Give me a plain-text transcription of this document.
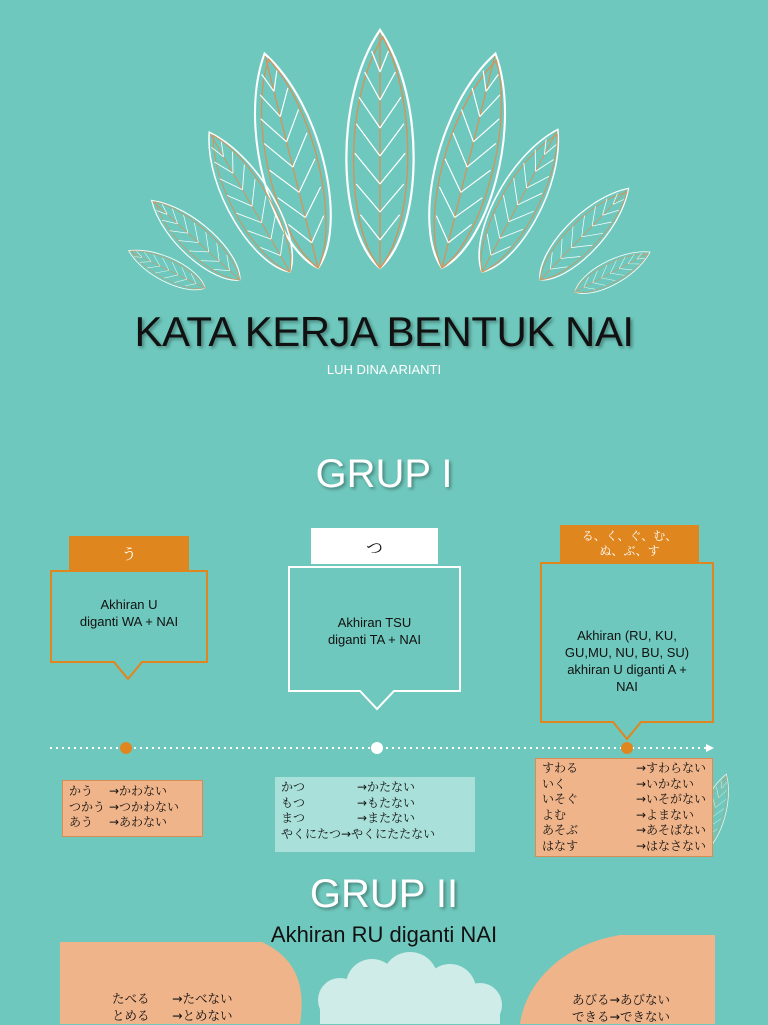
KATA KERJA BENTUK NAI
LUH DINA ARIANTI
GRUP I
う
Akhiran U
diganti WA + NAI
かう	→かわない
つかう →つかわない
あう	→あわない
つ
Akhiran TSU
diganti TA + NAI
かつ	→かたない
もつ	→もたない
まつ	→またない
やくにたつ →やくにたたない
る、く、ぐ、む、
ぬ、ぶ、す
Akhiran (RU, KU,
GU,MU, NU, BU, SU)
akhiran U diganti A +
NAI
すわる	→すわらない
いく	→いかない
いそぐ	→いそがない
よむ	→よまない
あそぶ	→あそばない
はなす	→はなさない
GRUP II
Akhiran RU diganti NAI
たべる	→たべない
とめる	→とめない
あびる →あびない
できる →できない
